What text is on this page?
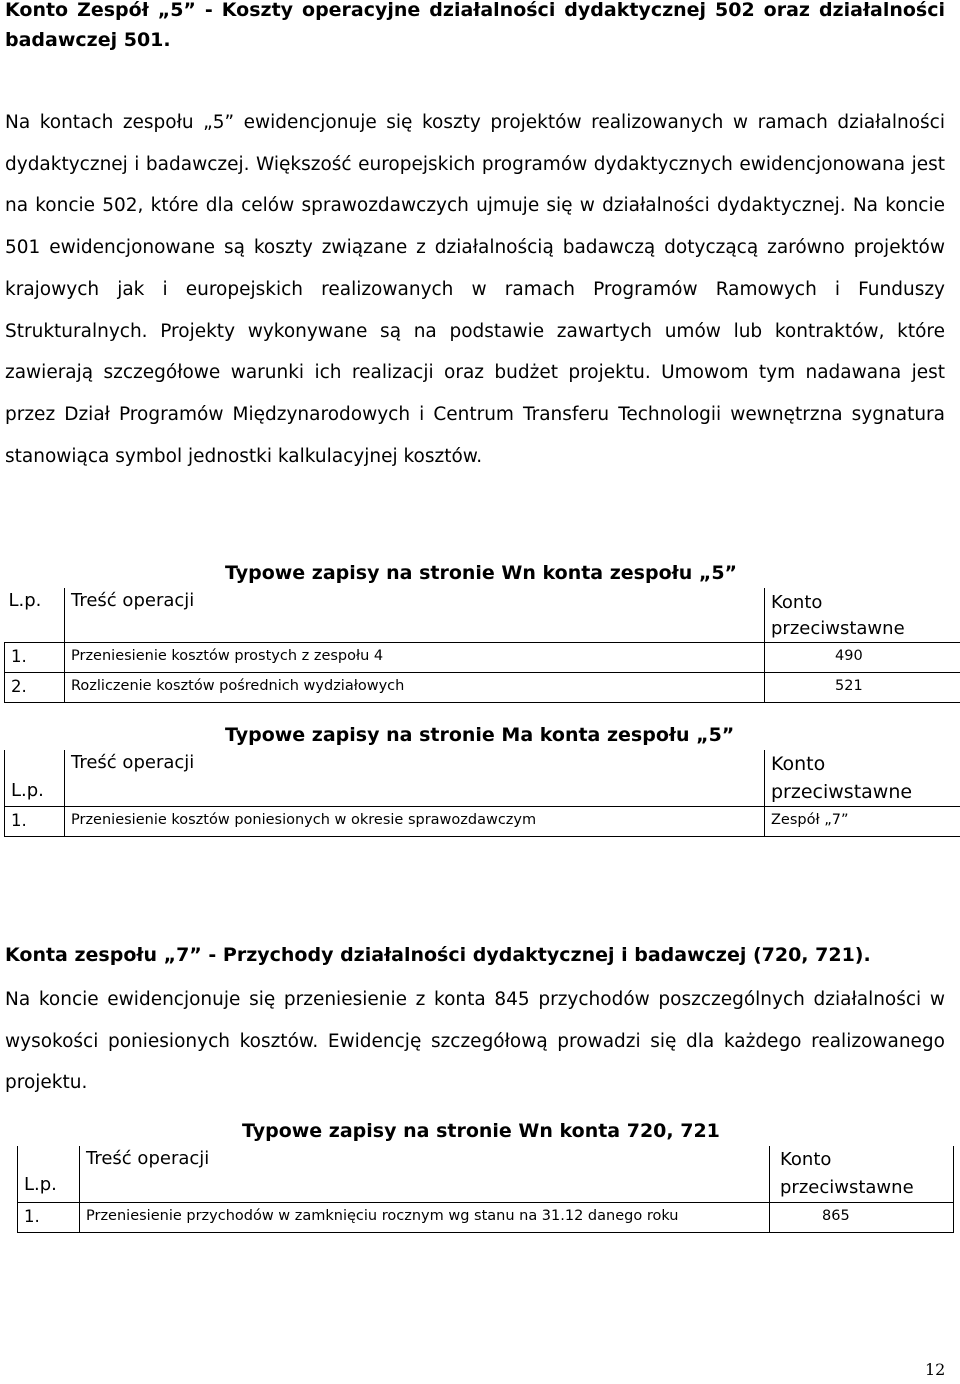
Konto Zespół „5” - Koszty operacyjne działalności dydaktycznej 502 oraz działalności badawczej 501.

Na kontach zespołu „5” ewidencjonuje się koszty projektów realizowanych w ramach działalności dydaktycznej i badawczej. Większość europejskich programów dydaktycznych ewidencjonowana jest na koncie 502, które dla celów sprawozdawczych ujmuje się w działalności dydaktycznej. Na koncie 501 ewidencjonowane są koszty związane z działalnością badawczą dotyczącą zarówno projektów krajowych jak i europejskich realizowanych w ramach Programów Ramowych i Funduszy Strukturalnych. Projekty wykonywane są na podstawie zawartych umów lub kontraktów, które zawierają szczegółowe warunki ich realizacji oraz budżet projektu. Umowom tym nadawana jest przez Dział Programów Międzynarodowych i Centrum Transferu Technologii wewnętrzna sygnatura stanowiąca symbol jednostki kalkulacyjnej kosztów.

Typowe zapisy na stronie Wn konta zespołu „5”
L.p.	Treść operacji	Konto przeciwstawne
1.	Przeniesienie kosztów prostych z zespołu 4	490
2.	Rozliczenie kosztów pośrednich wydziałowych	521
Typowe zapisy na stronie Ma konta zespołu „5”
L.p.	Treść operacji	Konto przeciwstawne
1.	Przeniesienie kosztów poniesionych w okresie sprawozdawczym	Zespół „7”
Konta zespołu „7” - Przychody działalności dydaktycznej i badawczej (720, 721).

Na koncie ewidencjonuje się przeniesienie z konta 845 przychodów poszczególnych działalności w wysokości poniesionych kosztów. Ewidencję szczegółową prowadzi się dla każdego realizowanego projektu.

Typowe zapisy na stronie Wn konta 720, 721
L.p.	Treść operacji	Konto przeciwstawne
1.	Przeniesienie przychodów w zamknięciu rocznym wg stanu na 31.12 danego roku	865
12
